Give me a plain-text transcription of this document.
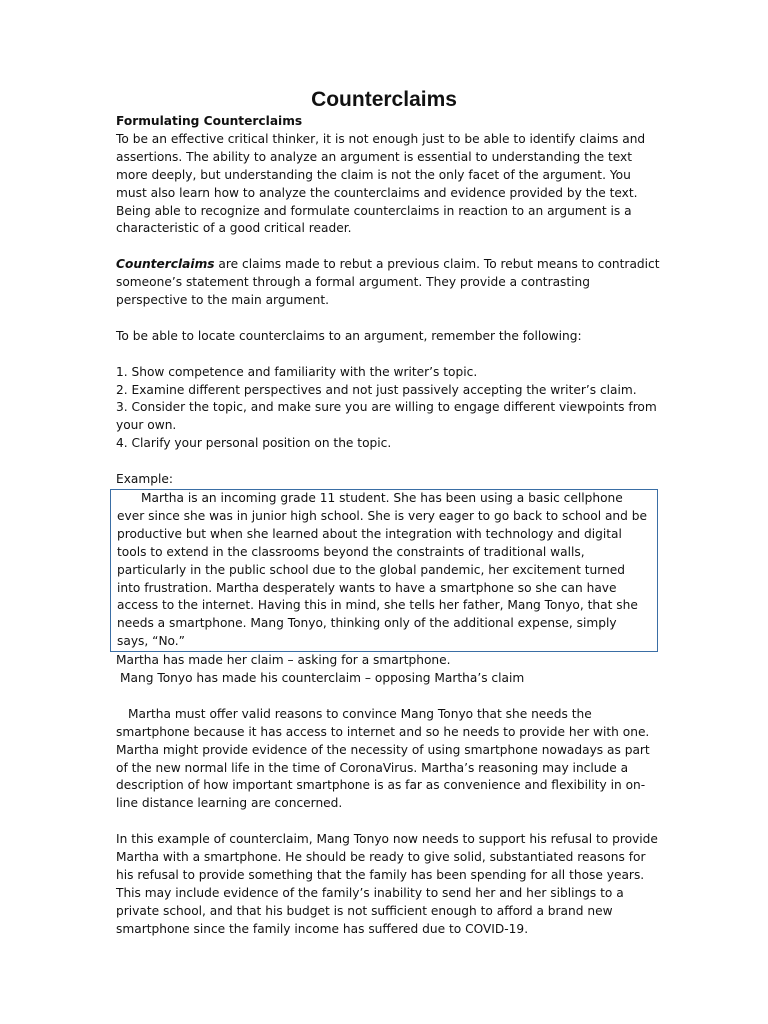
Counterclaims

Formulating Counterclaims

To be an effective critical thinker, it is not enough just to be able to identify claims and assertions. The ability to analyze an argument is essential to understanding the text more deeply, but understanding the claim is not the only facet of the argument. You must also learn how to analyze the counterclaims and evidence provided by the text. Being able to recognize and formulate counterclaims in reaction to an argument is a characteristic of a good critical reader.

Counterclaims are claims made to rebut a previous claim. To rebut means to contradict someone’s statement through a formal argument. They provide a contrasting perspective to the main argument.

To be able to locate counterclaims to an argument, remember the following:

1. Show competence and familiarity with the writer’s topic.

2. Examine different perspectives and not just passively accepting the writer’s claim.

3. Consider the topic, and make sure you are willing to engage different viewpoints from your own.

4. Clarify your personal position on the topic.

Example:

Martha is an incoming grade 11 student. She has been using a basic cellphone ever since she was in junior high school. She is very eager to go back to school and be productive but when she learned about the integration with technology and digital tools to extend in the classrooms beyond the constraints of traditional walls, particularly in the public school due to the global pandemic, her excitement turned into frustration. Martha desperately wants to have a smartphone so she can have access to the internet. Having this in mind, she tells her father, Mang Tonyo, that she needs a smartphone. Mang Tonyo, thinking only of the additional expense, simply says, “No.”

Martha has made her claim – asking for a smartphone.

Mang Tonyo has made his counterclaim – opposing Martha’s claim

Martha must offer valid reasons to convince Mang Tonyo that she needs the smartphone because it has access to internet and so he needs to provide her with one. Martha might provide evidence of the necessity of using smartphone nowadays as part of the new normal life in the time of CoronaVirus. Martha’s reasoning may include a description of how important smartphone is as far as convenience and flexibility in on-line distance learning are concerned.

In this example of counterclaim, Mang Tonyo now needs to support his refusal to provide Martha with a smartphone. He should be ready to give solid, substantiated reasons for his refusal to provide something that the family has been spending for all those years. This may include evidence of the family’s inability to send her and her siblings to a private school, and that his budget is not sufficient enough to afford a brand new smartphone since the family income has suffered due to COVID-19.
